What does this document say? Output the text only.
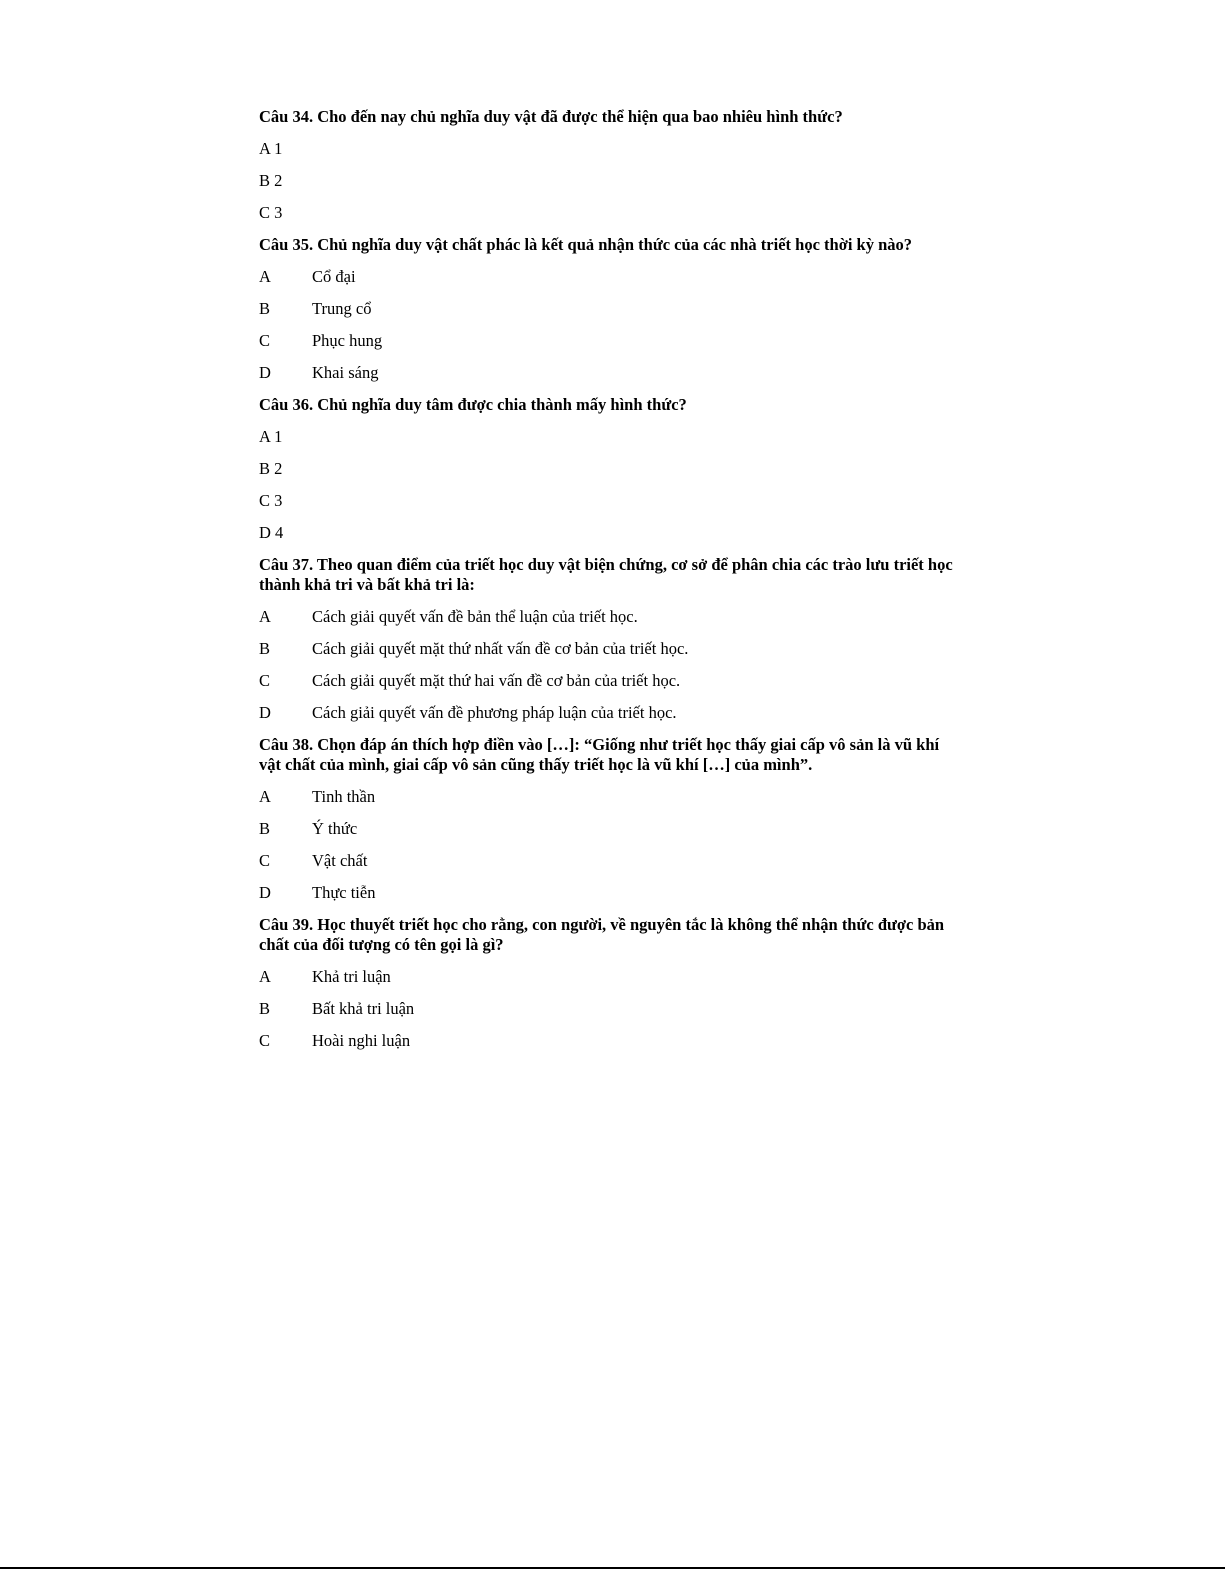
Câu 34. Cho đến nay chủ nghĩa duy vật đã được thể hiện qua bao nhiêu hình thức?
A 1
B 2
C 3
Câu 35. Chủ nghĩa duy vật chất phác là kết quả nhận thức của các nhà triết học thời kỳ nào?
A Cổ đại
B	Trung cổ
C	Phục hung
D Khai sáng
Câu 36. Chủ nghĩa duy tâm được chia thành mấy hình thức?
A 1
B 2
C 3
D 4
Câu 37. Theo quan điểm của triết học duy vật biện chứng, cơ sở để phân chia các trào lưu triết học thành khả tri và bất khả tri là:
A Cách giải quyết vấn đề bản thể luận của triết học.
B	Cách giải quyết mặt thứ nhất vấn đề cơ bản của triết học.
C	Cách giải quyết mặt thứ hai vấn đề cơ bản của triết học.
D Cách giải quyết vấn đề phương pháp luận của triết học.
Câu 38. Chọn đáp án thích hợp điền vào […]: “Giống như triết học thấy giai cấp vô sản là vũ khí vật chất của mình, giai cấp vô sản cũng thấy triết học là vũ khí […] của mình”.
A Tinh thần
B	Ý thức
C	Vật chất
D Thực tiễn
Câu 39. Học thuyết triết học cho rằng, con người, về nguyên tắc là không thể nhận thức được bản chất của đối tượng có tên gọi là gì?
A Khả tri luận
B	Bất khả tri luận
C	Hoài nghi luận
